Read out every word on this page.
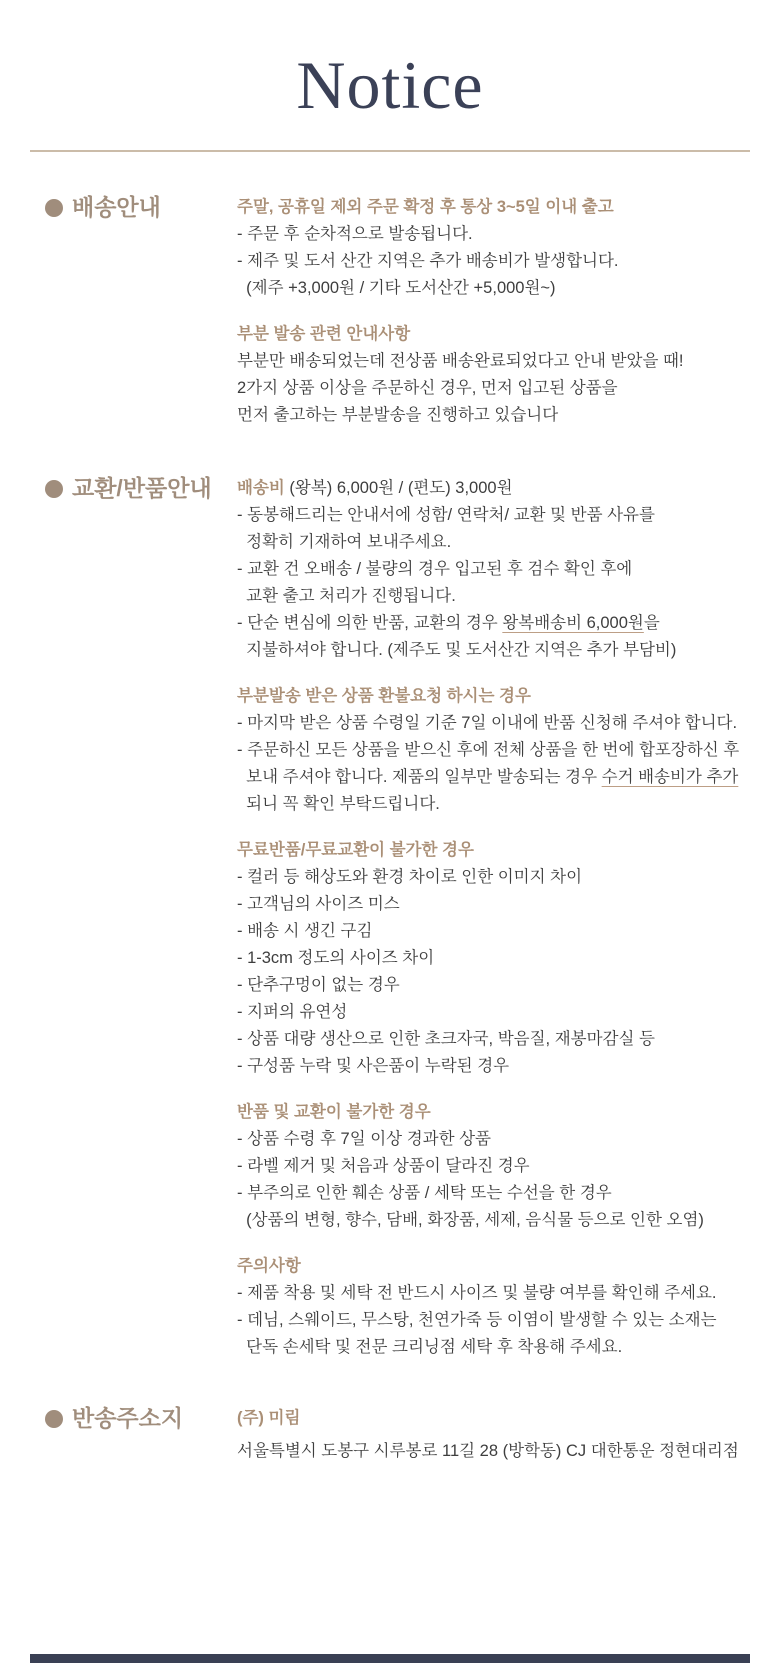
Notice
배송안내	주말, 공휴일 제외 주문 확정 후 통상 3~5일 이내 출고
- 주문 후 순차적으로 발송됩니다.
- 제주 및 도서 산간 지역은 추가 배송비가 발생합니다.
(제주 +3,000원 / 기타 도서산간 +5,000원~)
부분 발송 관련 안내사항
부분만 배송되었는데 전상품 배송완료되었다고 안내 받았을 때!
2가지 상품 이상을 주문하신 경우, 먼저 입고된 상품을
먼저 출고하는 부분발송을 진행하고 있습니다
교환/반품안내 배송비 (왕복) 6,000원 / (편도) 3,000원
- 동봉해드리는 안내서에 성함/ 연락처/ 교환 및 반품 사유를
정확히 기재하여 보내주세요.
- 교환 건 오배송 / 불량의 경우 입고된 후 검수 확인 후에
교환 출고 처리가 진행됩니다.
- 단순 변심에 의한 반품, 교환의 경우 왕복배송비 6,000원을
지불하셔야 합니다. (제주도 및 도서산간 지역은 추가 부담비)
부분발송 받은 상품 환불요청 하시는 경우
- 마지막 받은 상품 수령일 기준 7일 이내에 반품 신청해 주셔야 합니다.
- 주문하신 모든 상품을 받으신 후에 전체 상품을 한 번에 합포장하신 후
보내 주셔야 합니다. 제품의 일부만 발송되는 경우 수거 배송비가 추가
되니 꼭 확인 부탁드립니다.
무료반품/무료교환이 불가한 경우
- 컬러 등 해상도와 환경 차이로 인한 이미지 차이
- 고객님의 사이즈 미스
- 배송 시 생긴 구김
- 1-3cm 정도의 사이즈 차이
- 단추구멍이 없는 경우
- 지퍼의 유연성
- 상품 대량 생산으로 인한 초크자국, 박음질, 재봉마감실 등
- 구성품 누락 및 사은품이 누락된 경우
반품 및 교환이 불가한 경우
- 상품 수령 후 7일 이상 경과한 상품
- 라벨 제거 및 처음과 상품이 달라진 경우
- 부주의로 인한 훼손 상품 / 세탁 또는 수선을 한 경우
(상품의 변형, 향수, 담배, 화장품, 세제, 음식물 등으로 인한 오염)
주의사항
- 제품 착용 및 세탁 전 반드시 사이즈 및 불량 여부를 확인해 주세요.
- 데님, 스웨이드, 무스탕, 천연가죽 등 이염이 발생할 수 있는 소재는
단독 손세탁 및 전문 크리닝점 세탁 후 착용해 주세요.
반송주소지	(주) 미림
서울특별시 도봉구 시루봉로 11길 28 (방학동) CJ 대한통운 정현대리점
